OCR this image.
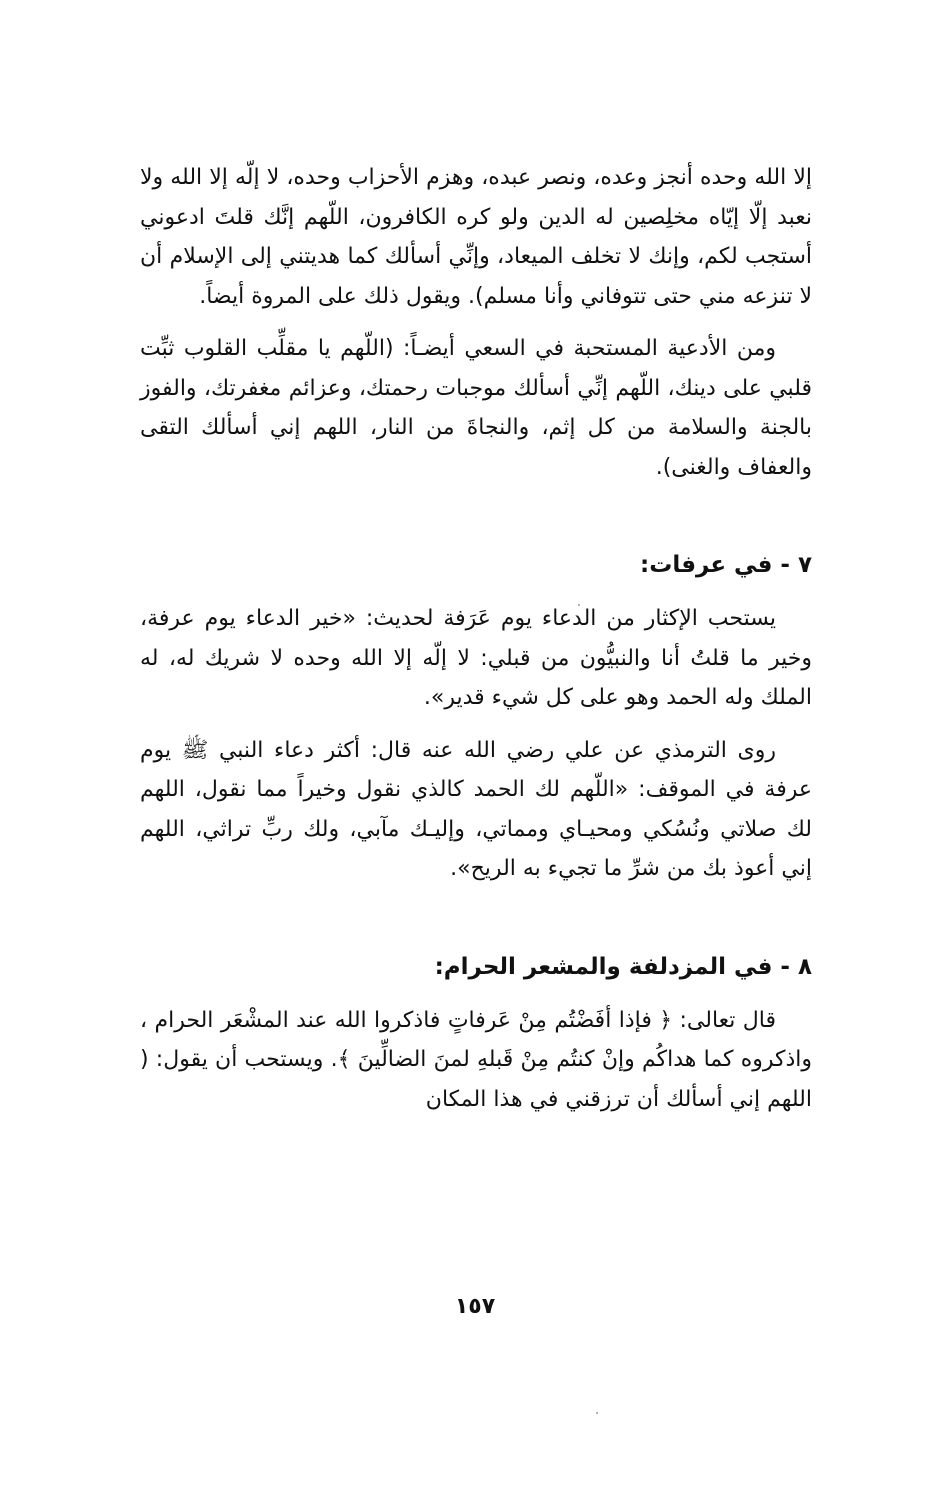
إلا الله وحده أنجز وعده، ونصر عبده، وهزم الأحزاب وحده، لا إلّه إلا الله ولا نعبد إلّا إيّاه مخلِصين له الدين ولو كره الكافرون، اللّهم إنَّك قلتَ ادعوني أستجب لكم، وإنك لا تخلف الميعاد، وإنِّي أسألك كما هديتني إلى الإسلام أن لا تنزعه مني حتى تتوفاني وأنا مسلم). ويقول ذلك على المروة أيضاً.

ومن الأدعية المستحبة في السعي أيضـاً: (اللّهم يا مقلِّب القلوب ثبِّت قلبي على دينك، اللّهم إنِّي أسألك موجبات رحمتك، وعزائم مغفرتك، والفوز بالجنة والسلامة من كل إثم، والنجاةَ من النار، اللهم إني أسألك التقى والعفاف والغنى).

٧ - في عرفات:

يستحب الإكثار من الدعاء يوم عَرَفة لحديث: «خير الدعاء يوم عرفة، وخير ما قلتُ أنا والنبيُّون من قبلي: لا إلّه إلا الله وحده لا شريك له، له الملك وله الحمد وهو على كل شيء قدير».

روى الترمذي عن علي رضي الله عنه قال: أكثر دعاء النبي ﷺ يوم عرفة في الموقف: «اللّهم لك الحمد كالذي نقول وخيراً مما نقول، اللهم لك صلاتي ونُسُكي ومحيـاي ومماتي، وإليـك مآبي، ولك ربِّ تراثي، اللهم إني أعوذ بك من شرِّ ما تجيء به الريح».

٨ - في المزدلفة والمشعر الحرام:

قال تعالى: ﴿ فإذا أفَضْتُم مِنْ عَرفاتٍ فاذكروا الله عند المشْعَر الحرام ، واذكروه كما هداكُم وإنْ كنتُم مِنْ قَبلهِ لمنَ الضالِّينَ ﴾. ويستحب أن يقول: ( اللهم إني أسألك أن ترزقني في هذا المكان

١٥٧
